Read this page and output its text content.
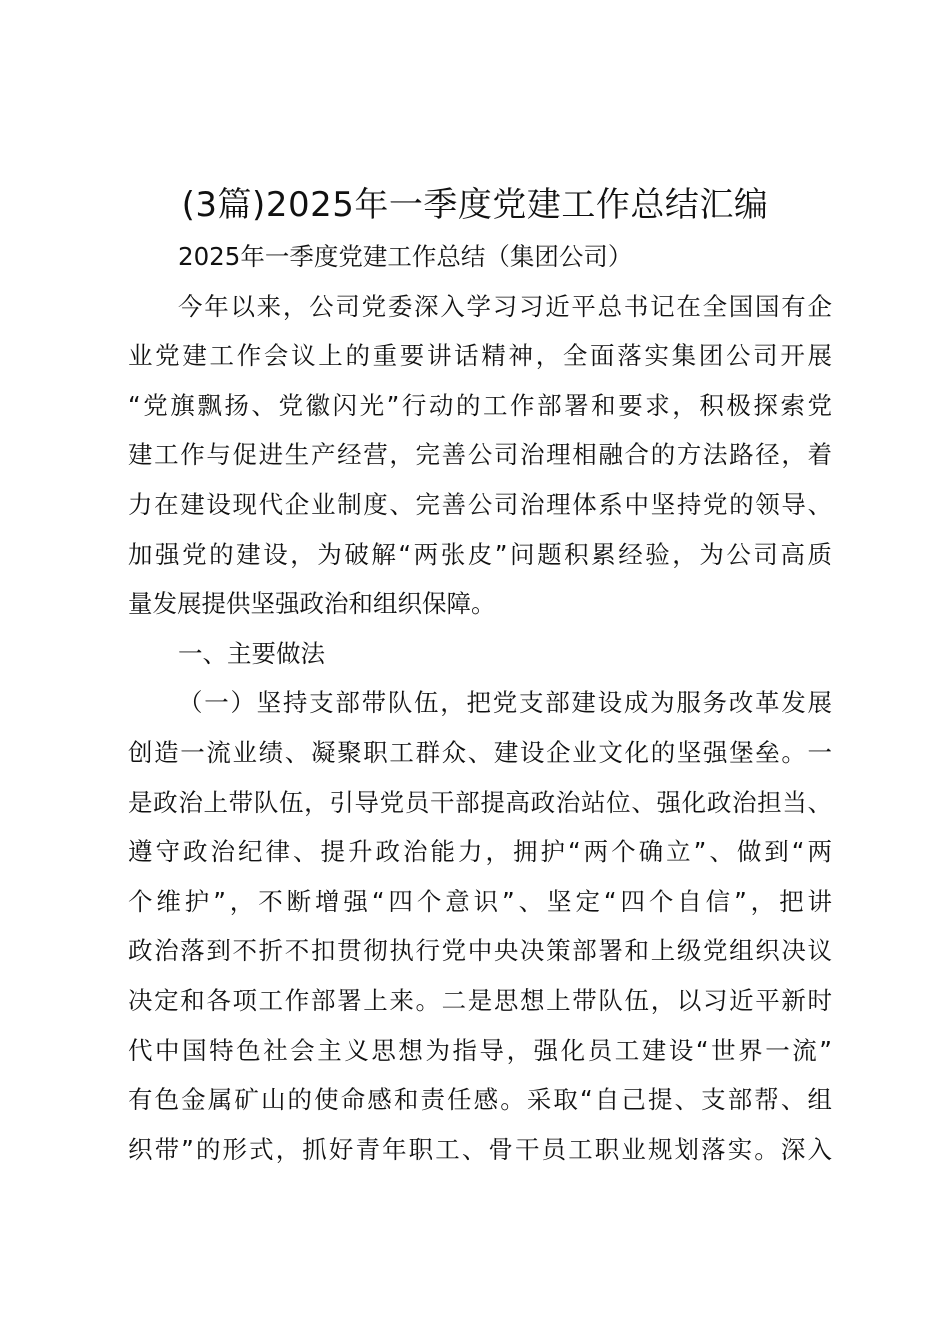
(3篇)2025年一季度党建工作总结汇编
2025年一季度党建工作总结（集团公司）
今年以来，公司党委深入学习习近平总书记在全国国有企
业党建工作会议上的重要讲话精神，全面落实集团公司开展
“党旗飘扬、党徽闪光”行动的工作部署和要求，积极探索党
建工作与促进生产经营，完善公司治理相融合的方法路径，着
力在建设现代企业制度、完善公司治理体系中坚持党的领导、
加强党的建设，为破解“两张皮”问题积累经验，为公司高质
量发展提供坚强政治和组织保障。
一、主要做法
（一）坚持支部带队伍，把党支部建设成为服务改革发展
创造一流业绩、凝聚职工群众、建设企业文化的坚强堡垒。一
是政治上带队伍，引导党员干部提高政治站位、强化政治担当、
遵守政治纪律、提升政治能力，拥护“两个确立”、做到“两
个维护”，不断增强“四个意识”、坚定“四个自信”，把讲
政治落到不折不扣贯彻执行党中央决策部署和上级党组织决议
决定和各项工作部署上来。二是思想上带队伍，以习近平新时
代中国特色社会主义思想为指导，强化员工建设“世界一流”
有色金属矿山的使命感和责任感。采取“自己提、支部帮、组
织带”的形式，抓好青年职工、骨干员工职业规划落实。深入
